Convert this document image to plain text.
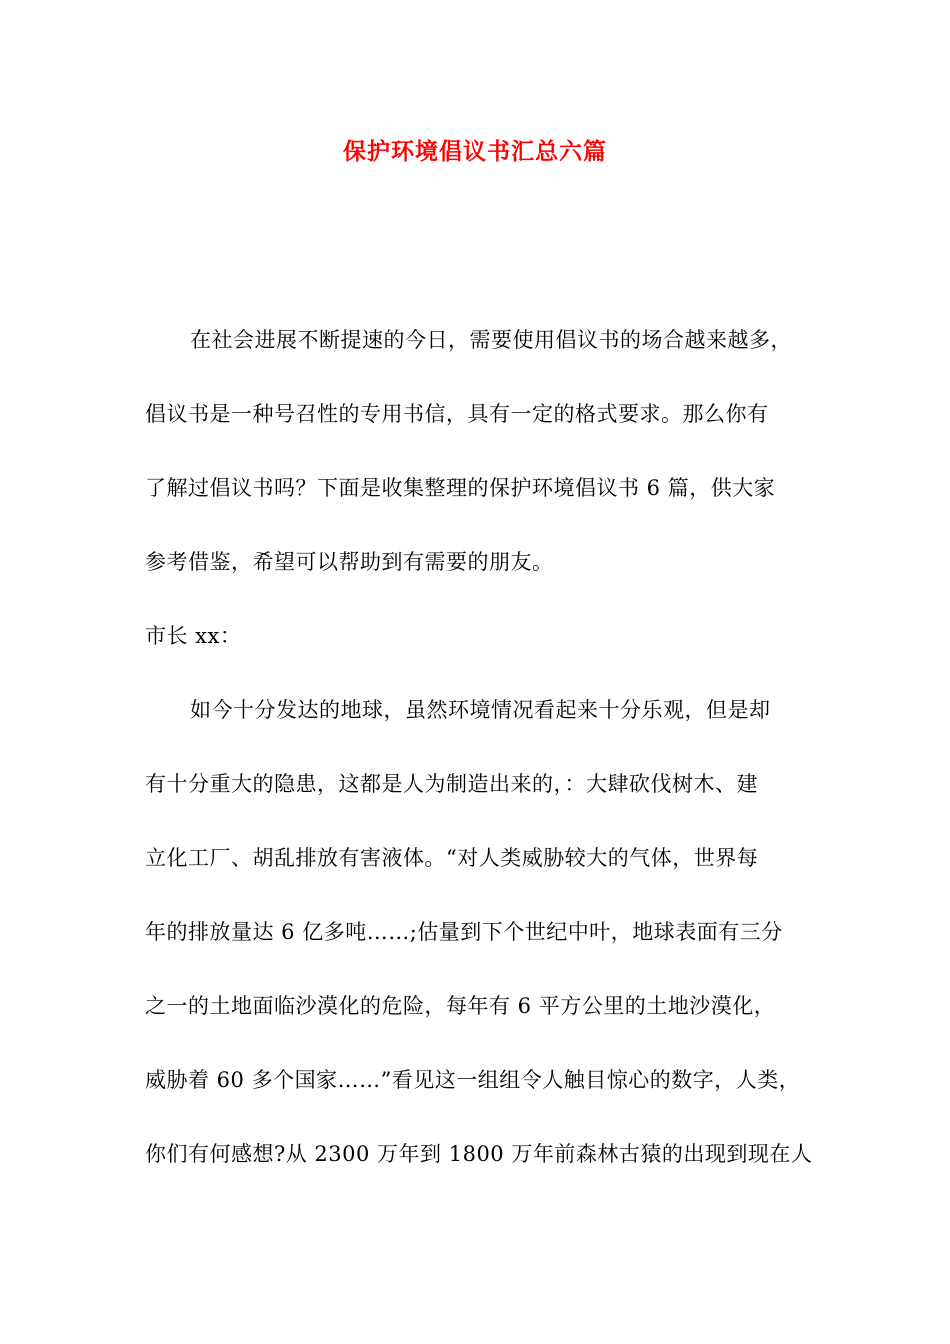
保护环境倡议书汇总六篇
在社会进展不断提速的今日，需要使用倡议书的场合越来越多，
倡议书是一种号召性的专用书信，具有一定的格式要求。那么你有
了解过倡议书吗？下面是收集整理的保护环境倡议书 6 篇，供大家
参考借鉴，希望可以帮助到有需要的朋友。
市长 xx：
如今十分发达的地球，虽然环境情况看起来十分乐观，但是却
有十分重大的隐患，这都是人为制造出来的，：大肆砍伐树木、建
立化工厂、胡乱排放有害液体。“对人类威胁较大的气体，世界每
年的排放量达 6 亿多吨……;估量到下个世纪中叶，地球表面有三分
之一的土地面临沙漠化的危险，每年有 6 平方公里的土地沙漠化，
威胁着 60 多个国家……”看见这一组组令人触目惊心的数字，人类，
你们有何感想?从 2300 万年到 1800 万年前森林古猿的出现到现在人
